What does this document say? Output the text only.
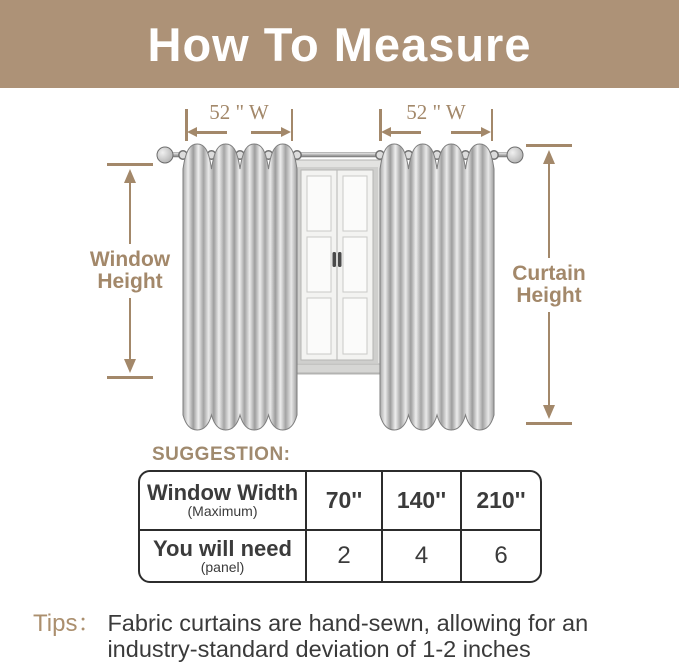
How To Measure
52 " W	52 " W
Window
Height	Curtain
Height
SUGGESTION:
Window Width
(Maximum)	70'' 140'' 210''
You will need
(panel)	2	4	6
Tips： Fabric curtains are hand-sewn, allowing for an
industry-standard deviation of 1-2 inches
